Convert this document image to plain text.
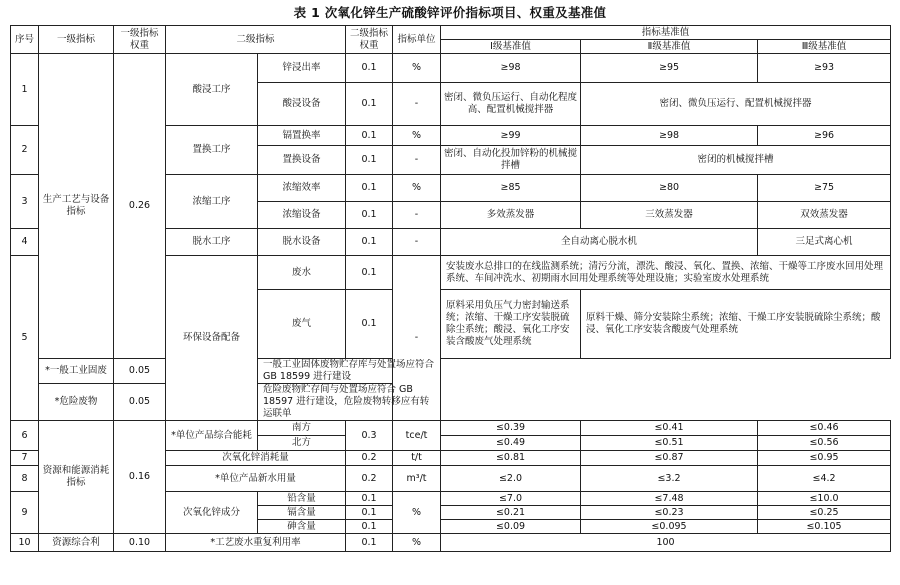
表 1 次氧化锌生产硫酸锌评价指标项目、权重及基准值
序号	一级指标	一级指标权重	二级指标		二级指标权重	指标单位	指标基准值		
							Ⅰ级基准值	Ⅱ级基准值	Ⅲ级基准值
1	生产工艺与设备指标	0.26	酸浸工序	锌浸出率	0.1	%	≥98	≥95	≥93
				酸浸设备	0.1	-	密闭、微负压运行、自动化程度高、配置机械搅拌器	密闭、微负压运行、配置机械搅拌器	
2			置换工序	镉置换率	0.1	%	≥99	≥98	≥96
				置换设备	0.1	-	密闭、自动化投加锌粉的机械搅拌槽	密闭的机械搅拌槽	
3			浓缩工序	浓缩效率	0.1	%	≥85	≥80	≥75
				浓缩设备	0.1	-	多效蒸发器	三效蒸发器	双效蒸发器
4			脱水工序	脱水设备	0.1	-	全自动离心脱水机		三足式离心机
5			环保设备配备	废水	0.1	-	安装废水总排口的在线监测系统；清污分流，漂洗、酸浸、氧化、置换、浓缩、干燥等工序废水回用处理系统、车间冲洗水、初期雨水回用处理系统等处理设施；实验室废水处理系统		
				废气	0.1		原料采用负压气力密封输送系统；浓缩、干燥工序安装脱硫除尘系统；酸浸、氧化工序安装含酸废气处理系统	原料干燥、筛分安装除尘系统；浓缩、干燥工序安装脱硫除尘系统；酸浸、氧化工序安装含酸废气处理系统	
	*一般工业固废	0.05		一般工业固体废物贮存库与处置场应符合 GB 18599 进行建设					
	*危险废物	0.05		危险废物贮存间与处置场应符合 GB 18597 进行建设，危险废物转移应有转运联单					
6	资源和能源消耗指标	0.16	*单位产品综合能耗	南方	0.3	tce/t	≤0.39	≤0.41	≤0.46
				北方			≤0.49	≤0.51	≤0.56
7			次氧化锌消耗量		0.2	t/t	≤0.81	≤0.87	≤0.95
8			*单位产品新水用量		0.2	m³/t	≤2.0	≤3.2	≤4.2
9			次氧化锌成分	铅含量	0.1	%	≤7.0	≤7.48	≤10.0
				镉含量	0.1		≤0.21	≤0.23	≤0.25
				砷含量	0.1		≤0.09	≤0.095	≤0.105
10	资源综合利	0.10	*工艺废水重复利用率		0.1	%	100		
